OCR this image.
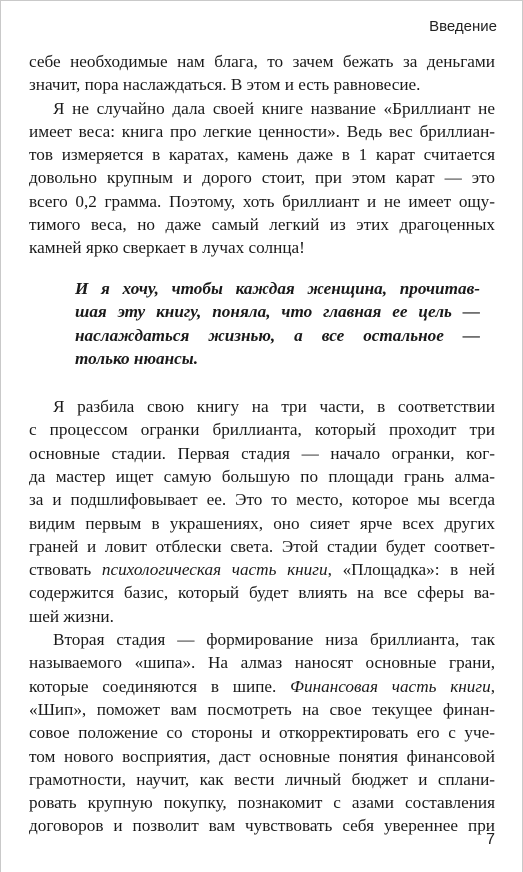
Введение
себе необходимые нам блага, то зачем бежать за деньгами
значит, пора наслаждаться. В этом и есть равновесие.
Я не случайно дала своей книге название «Бриллиант не
имеет веса: книга про легкие ценности». Ведь вес бриллиан-
тов измеряется в каратах, камень даже в 1 карат считается
довольно крупным и дорого стоит, при этом карат — это
всего 0,2 грамма. Поэтому, хоть бриллиант и не имеет ощу-
тимого веса, но даже самый легкий из этих драгоценных
камней ярко сверкает в лучах солнца!
И я хочу, чтобы каждая женщина, прочитав-
шая эту книгу, поняла, что главная ее цель —
наслаждаться жизнью, а все остальное —
только нюансы.
Я разбила свою книгу на три части, в соответствии
с процессом огранки бриллианта, который проходит три
основные стадии. Первая стадия — начало огранки, ког-
да мастер ищет самую большую по площади грань алма-
за и подшлифовывает ее. Это то место, которое мы всегда
видим первым в украшениях, оно сияет ярче всех других
граней и ловит отблески света. Этой стадии будет соответ-
ствовать психологическая часть книги, «Площадка»: в ней
содержится базис, который будет влиять на все сферы ва-
шей жизни.
Вторая стадия — формирование низа бриллианта, так
называемого «шипа». На алмаз наносят основные грани,
которые соединяются в шипе. Финансовая часть книги,
«Шип», поможет вам посмотреть на свое текущее финан-
совое положение со стороны и откорректировать его с уче-
том нового восприятия, даст основные понятия финансовой
грамотности, научит, как вести личный бюджет и сплани-
ровать крупную покупку, познакомит с азами составления
договоров и позволит вам чувствовать себя увереннее при
7
